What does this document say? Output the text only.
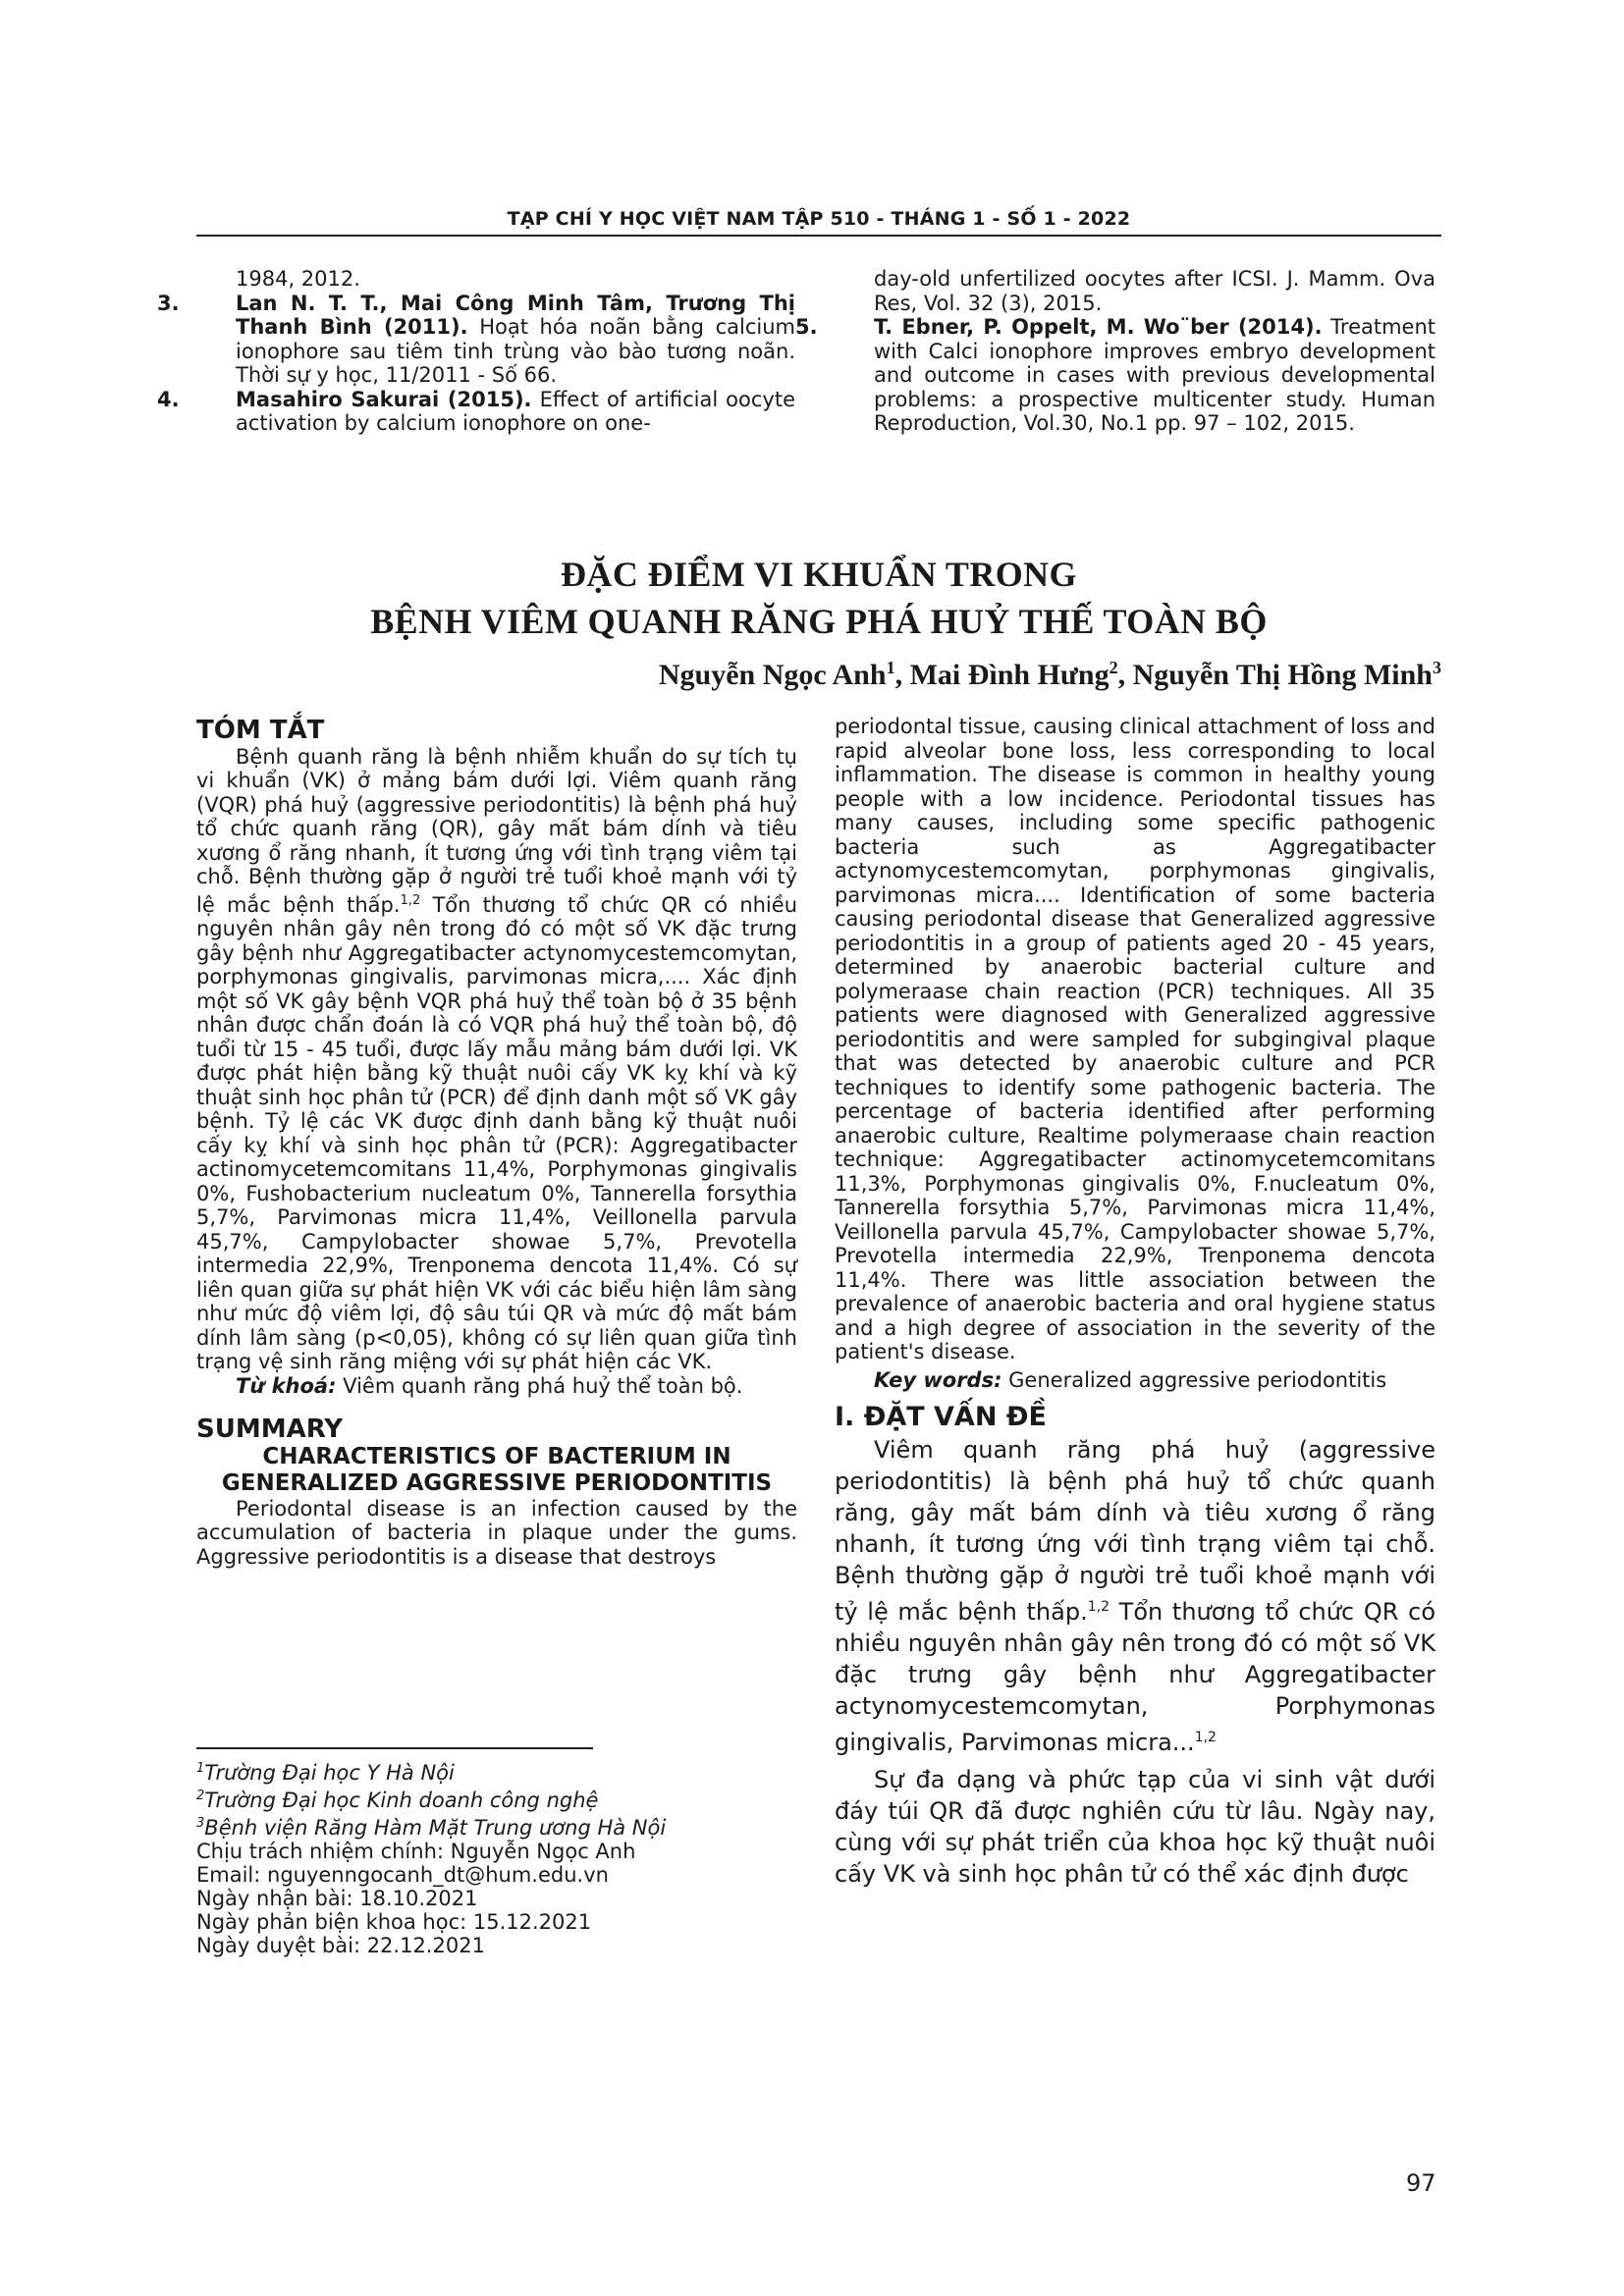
TẠP CHÍ Y HỌC VIỆT NAM TẬP 510 - THÁNG 1 - SỐ 1 - 2022

1984, 2012.

3.	Lan N. T. T., Mai Công Minh Tâm, Trương Thị Thanh Bình (2011). Hoạt hóa noãn bằng calcium ionophore sau tiêm tinh trùng vào bào tương noãn. Thời sự y học, 11/2011 - Số 66.

4.	Masahiro Sakurai (2015). Effect of artificial oocyte activation by calcium ionophore on one-

day-old unfertilized oocytes after ICSI. J. Mamm. Ova Res, Vol. 32 (3), 2015.

5.	T. Ebner, P. Oppelt, M. Wo¨ber (2014). Treatment with Calci ionophore improves embryo development and outcome in cases with previous developmental problems: a prospective multicenter study. Human Reproduction, Vol.30, No.1 pp. 97 – 102, 2015.

ĐẶC ĐIỂM VI KHUẨN TRONG
BỆNH VIÊM QUANH RĂNG PHÁ HUỶ THẾ TOÀN BỘ
Nguyễn Ngọc Anh$^1$, Mai Đình Hưng$^2$, Nguyễn Thị Hồng Minh$^3$
TÓM TẮT

Bệnh quanh răng là bệnh nhiễm khuẩn do sự tích tụ vi khuẩn (VK) ở mảng bám dưới lợi. Viêm quanh răng (VQR) phá huỷ (aggressive periodontitis) là bệnh phá huỷ tổ chức quanh răng (QR), gây mất bám dính và tiêu xương ổ răng nhanh, ít tương ứng với tình trạng viêm tại chỗ. Bệnh thường gặp ở người trẻ tuổi khoẻ mạnh với tỷ lệ mắc bệnh thấp.$^{1,2}$ Tổn thương tổ chức QR có nhiều nguyên nhân gây nên trong đó có một số VK đặc trưng gây bệnh như Aggregatibacter actynomycestemcomytan, porphymonas gingivalis, parvimonas micra,.... Xác định một số VK gây bệnh VQR phá huỷ thể toàn bộ ở 35 bệnh nhân được chẩn đoán là có VQR phá huỷ thể toàn bộ, độ tuổi từ 15 - 45 tuổi, được lấy mẫu mảng bám dưới lợi. VK được phát hiện bằng kỹ thuật nuôi cấy VK kỵ khí và kỹ thuật sinh học phân tử (PCR) để định danh một số VK gây bệnh. Tỷ lệ các VK được định danh bằng kỹ thuật nuôi cấy kỵ khí và sinh học phân tử (PCR): Aggregatibacter actinomycetemcomitans 11,4%, Porphymonas gingivalis 0%, Fushobacterium nucleatum 0%, Tannerella forsythia 5,7%, Parvimonas micra 11,4%, Veillonella parvula 45,7%, Campylobacter showae 5,7%, Prevotella intermedia 22,9%, Trenponema dencota 11,4%. Có sự liên quan giữa sự phát hiện VK với các biểu hiện lâm sàng như mức độ viêm lợi, độ sâu túi QR và mức độ mất bám dính lâm sàng (p<0,05), không có sự liên quan giữa tình trạng vệ sinh răng miệng với sự phát hiện các VK.

Từ khoá: Viêm quanh răng phá huỷ thể toàn bộ.

SUMMARY
CHARACTERISTICS OF BACTERIUM IN
GENERALIZED AGGRESSIVE PERIODONTITIS

Periodontal disease is an infection caused by the accumulation of bacteria in plaque under the gums. Aggressive periodontitis is a disease that destroys

$^1$Trường Đại học Y Hà Nội
$^2$Trường Đại học Kinh doanh công nghệ
$^3$Bệnh viện Răng Hàm Mặt Trung ương Hà Nội
Chịu trách nhiệm chính: Nguyễn Ngọc Anh
Email: nguyenngocanh_dt@hum.edu.vn
Ngày nhận bài: 18.10.2021
Ngày phản biện khoa học: 15.12.2021
Ngày duyệt bài: 22.12.2021

periodontal tissue, causing clinical attachment of loss and rapid alveolar bone loss, less corresponding to local inflammation. The disease is common in healthy young people with a low incidence. Periodontal tissues has many causes, including some specific pathogenic bacteria such as Aggregatibacter actynomycestemcomytan, porphymonas gingivalis, parvimonas micra.... Identification of some bacteria causing periodontal disease that Generalized aggressive periodontitis in a group of patients aged 20 - 45 years, determined by anaerobic bacterial culture and polymeraase chain reaction (PCR) techniques. All 35 patients were diagnosed with Generalized aggressive periodontitis and were sampled for subgingival plaque that was detected by anaerobic culture and PCR techniques to identify some pathogenic bacteria. The percentage of bacteria identified after performing anaerobic culture, Realtime polymeraase chain reaction technique: Aggregatibacter actinomycetemcomitans 11,3%, Porphymonas gingivalis 0%, F.nucleatum 0%, Tannerella forsythia 5,7%, Parvimonas micra 11,4%, Veillonella parvula 45,7%, Campylobacter showae 5,7%, Prevotella intermedia 22,9%, Trenponema dencota 11,4%. There was little association between the prevalence of anaerobic bacteria and oral hygiene status and a high degree of association in the severity of the patient's disease.

Key words: Generalized aggressive periodontitis

I. ĐẶT VẤN ĐỀ

Viêm quanh răng phá huỷ (aggressive periodontitis) là bệnh phá huỷ tổ chức quanh răng, gây mất bám dính và tiêu xương ổ răng nhanh, ít tương ứng với tình trạng viêm tại chỗ. Bệnh thường gặp ở người trẻ tuổi khoẻ mạnh với tỷ lệ mắc bệnh thấp.$^{1,2}$ Tổn thương tổ chức QR có nhiều nguyên nhân gây nên trong đó có một số VK đặc trưng gây bệnh như Aggregatibacter actynomycestemcomytan, Porphymonas gingivalis, Parvimonas micra...$^{1,2}$

Sự đa dạng và phức tạp của vi sinh vật dưới đáy túi QR đã được nghiên cứu từ lâu. Ngày nay, cùng với sự phát triển của khoa học kỹ thuật nuôi cấy VK và sinh học phân tử có thể xác định được

97
